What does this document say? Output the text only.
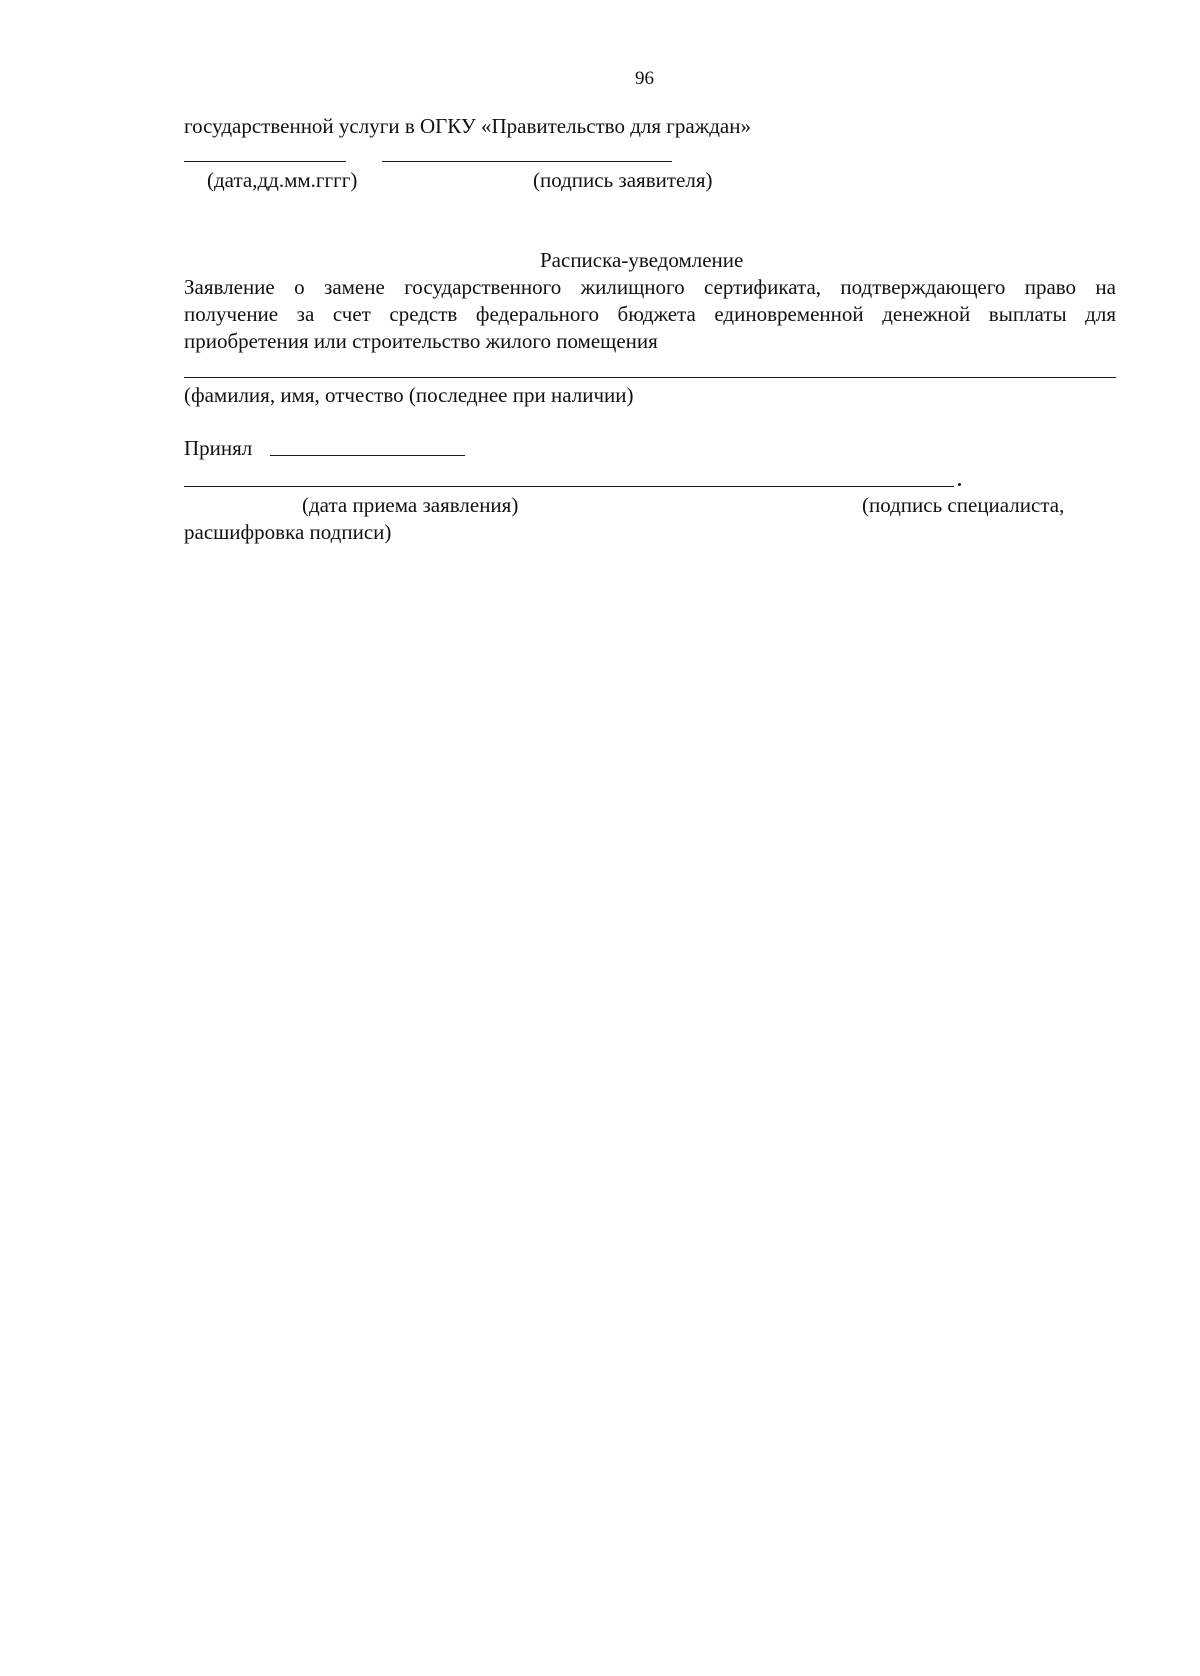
96
государственной услуги в ОГКУ «Правительство для граждан»
(дата,дд.мм.гггг)	(подпись заявителя)
Расписка-уведомление
Заявление о замене государственного жилищного сертификата, подтверждающего право на
получение за счет средств федерального бюджета единовременной денежной выплаты для
приобретения или строительство жилого помещения
(фамилия, имя, отчество (последнее при наличии)
Принял
(дата приема заявления)	(подпись специалиста,
расшифровка подписи)
